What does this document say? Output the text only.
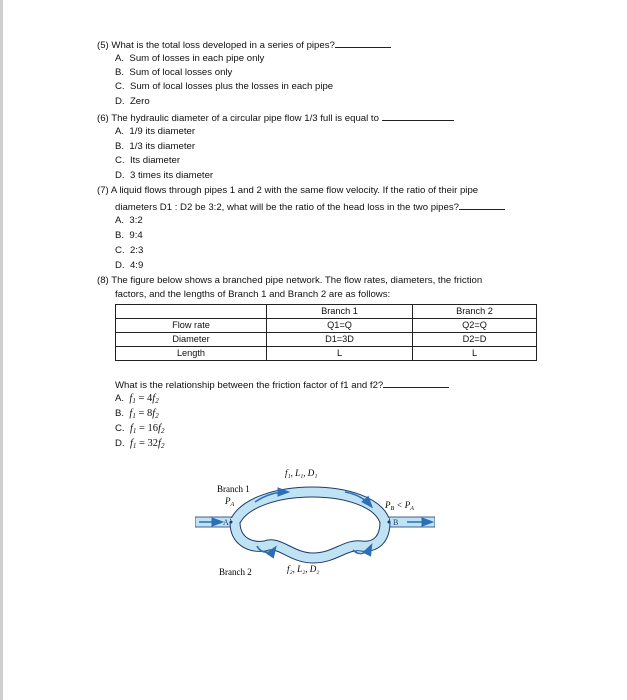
(5) What is the total loss developed in a series of pipes?
A. Sum of losses in each pipe only
B. Sum of local losses only
C. Sum of local losses plus the losses in each pipe
D. Zero
(6) The hydraulic diameter of a circular pipe flow 1/3 full is equal to
A. 1/9 its diameter
B. 1/3 its diameter
C. Its diameter
D. 3 times its diameter
(7) A liquid flows through pipes 1 and 2 with the same flow velocity. If the ratio of their pipe
diameters D1 : D2 be 3:2, what will be the ratio of the head loss in the two pipes?
A. 3:2
B. 9:4
C. 2:3
D. 4:9
(8) The figure below shows a branched pipe network. The flow rates, diameters, the friction
factors, and the lengths of Branch 1 and Branch 2 are as follows:
	Branch 1	Branch 2
Flow rate	Q1=Q	Q2=Q
Diameter	D1=3D	D2=D
Length	L	L
What is the relationship between the friction factor of f1 and f2?
A. $f_1 = 4f_2$
B. $f_1 = 8f_2$
C. $f_1 = 16f_2$
D. $f_1 = 32f_2$
A	B
Branch 1
$P_A$
f₁, L₁, D₁
$P_B < P_A$
Branch 2	f₂, L₂, D₂
